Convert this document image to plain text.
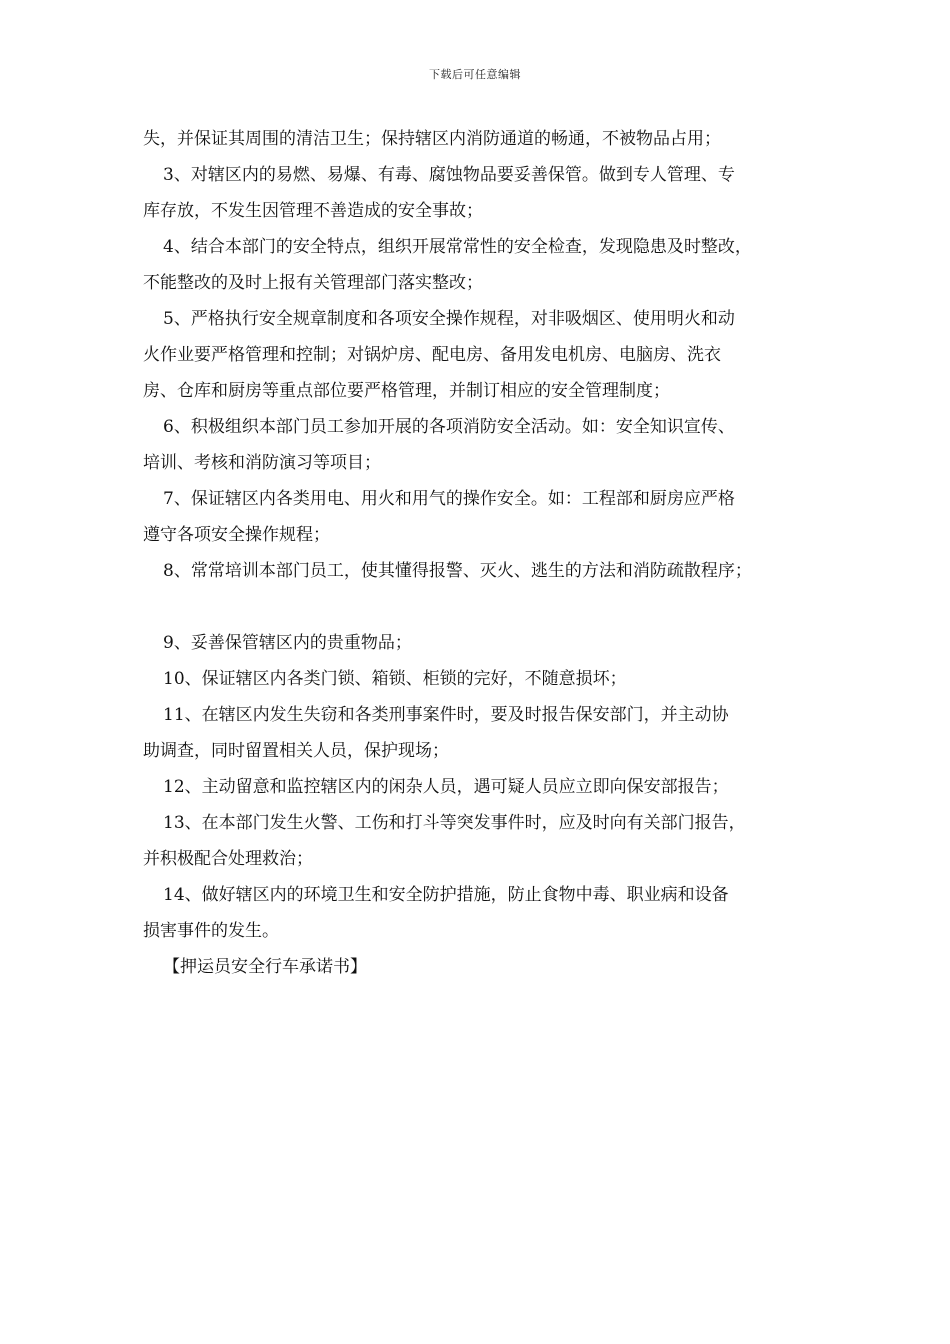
下载后可任意编辑
失，并保证其周围的清洁卫生；保持辖区内消防通道的畅通，不被物品占用；
3、对辖区内的易燃、易爆、有毒、腐蚀物品要妥善保管。做到专人管理、专
库存放，不发生因管理不善造成的安全事故；
4、结合本部门的安全特点，组织开展常常性的安全检查，发现隐患及时整改，
不能整改的及时上报有关管理部门落实整改；
5、严格执行安全规章制度和各项安全操作规程，对非吸烟区、使用明火和动
火作业要严格管理和控制；对锅炉房、配电房、备用发电机房、电脑房、洗衣
房、仓库和厨房等重点部位要严格管理，并制订相应的安全管理制度；
6、积极组织本部门员工参加开展的各项消防安全活动。如：安全知识宣传、
培训、考核和消防演习等项目；
7、保证辖区内各类用电、用火和用气的操作安全。如：工程部和厨房应严格
遵守各项安全操作规程；
8、常常培训本部门员工，使其懂得报警、灭火、逃生的方法和消防疏散程序；
9、妥善保管辖区内的贵重物品；
10、保证辖区内各类门锁、箱锁、柜锁的完好，不随意损坏；
11、在辖区内发生失窃和各类刑事案件时，要及时报告保安部门，并主动协
助调查，同时留置相关人员，保护现场；
12、主动留意和监控辖区内的闲杂人员，遇可疑人员应立即向保安部报告；
13、在本部门发生火警、工伤和打斗等突发事件时，应及时向有关部门报告，
并积极配合处理救治；
14、做好辖区内的环境卫生和安全防护措施，防止食物中毒、职业病和设备
损害事件的发生。
【押运员安全行车承诺书】
